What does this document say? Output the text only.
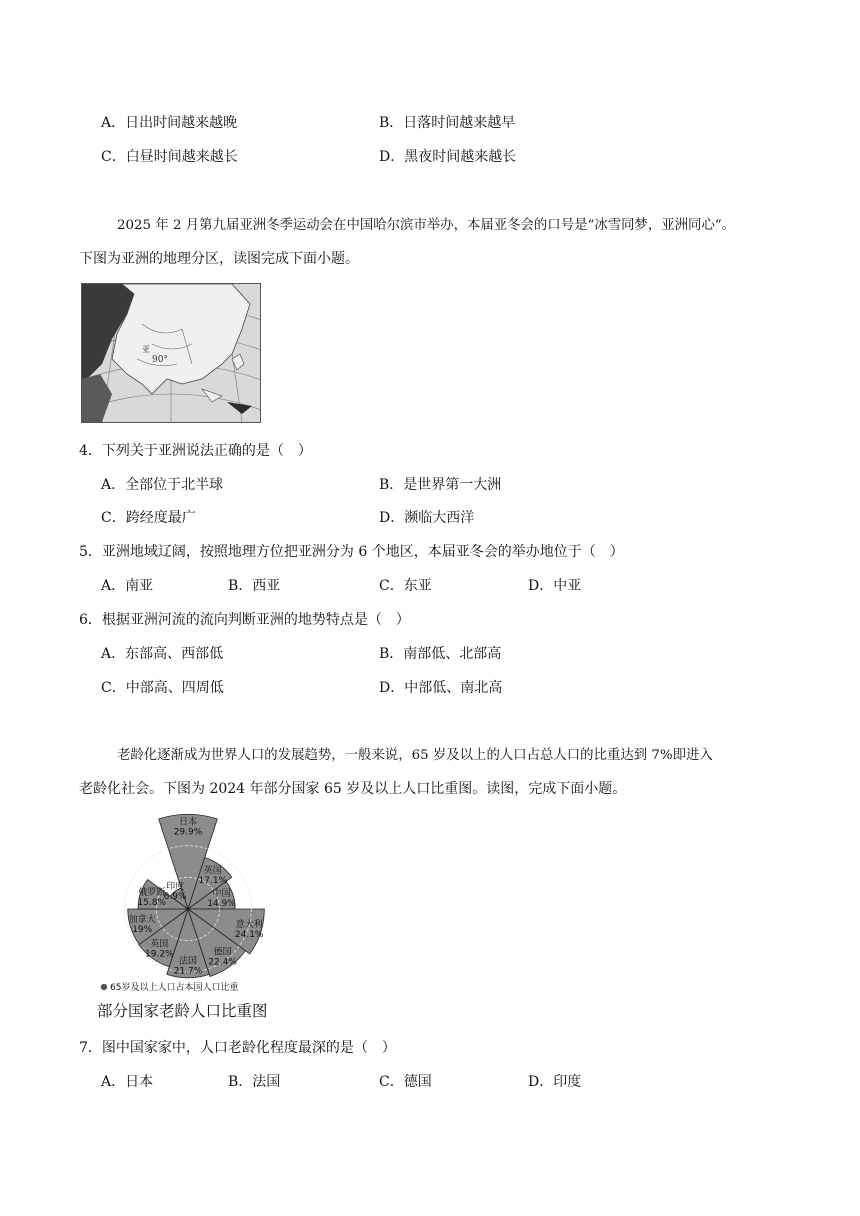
A．日出时间越来越晚	B．日落时间越来越早
C．白昼时间越来越长	D．黑夜时间越来越长
2025 年 2 月第九届亚洲冬季运动会在中国哈尔滨市举办，本届亚冬会的口号是“冰雪同梦，亚洲同心”。
下图为亚洲的地理分区，读图完成下面小题。
90°
亚
4．下列关于亚洲说法正确的是（　）
A．全部位于北半球	B．是世界第一大洲
C．跨经度最广	D．濒临大西洋
5．亚洲地域辽阔，按照地理方位把亚洲分为 6 个地区，本届亚冬会的举办地位于（　）
A．南亚	B．西亚	C．东亚	D．中亚
6．根据亚洲河流的流向判断亚洲的地势特点是（　）
A．东部高、西部低	B．南部低、北部高
C．中部高、四周低	D．中部低、南北高
老龄化逐渐成为世界人口的发展趋势，一般来说，65 岁及以上的人口占总人口的比重达到 7%即进入
老龄化社会。下图为 2024 年部分国家 65 岁及以上人口比重图。读图，完成下面小题。
日本
29.9%
英国
17.1%
中国
14.9%
意大利
24.1%
德国
22.4%
法国
21.7%
英国
19.2%
加拿大
19%
俄罗斯
15.8%
印度
6.9%
65岁及以上人口占本国人口比重
部分国家老龄人口比重图
7．图中国家家中，人口老龄化程度最深的是（　）
A．日本	B．法国	C．德国	D．印度
